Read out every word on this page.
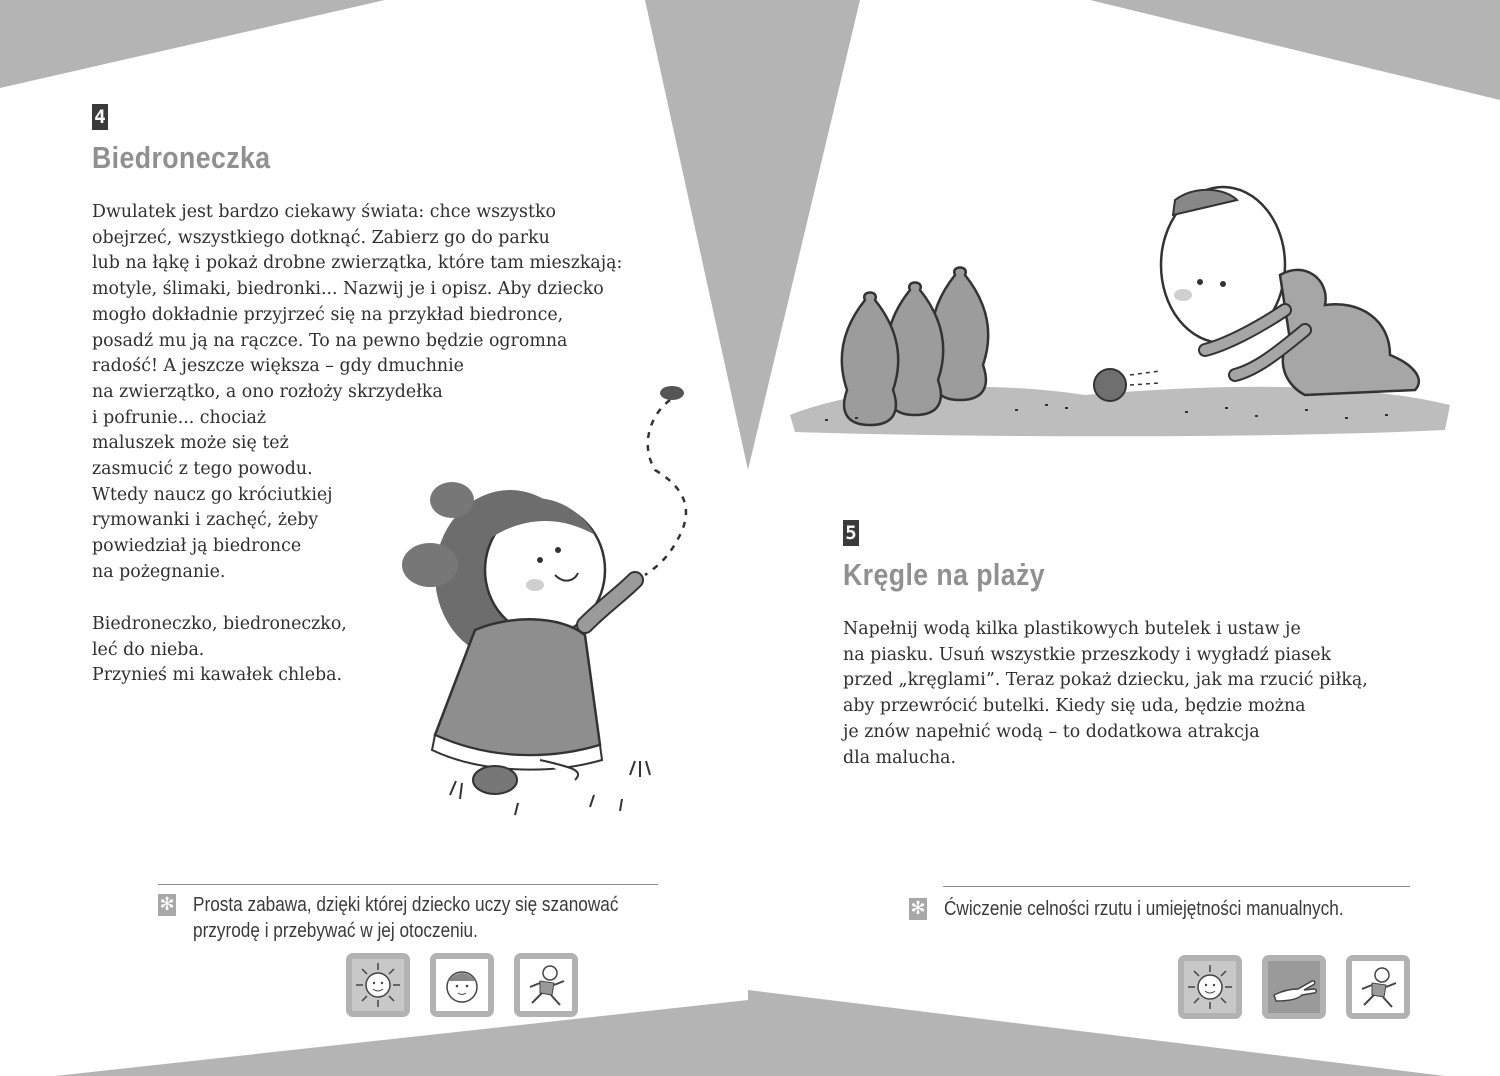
4
Biedroneczka
Dwulatek jest bardzo ciekawy świata: chce wszystko
obejrzeć, wszystkiego dotknąć. Zabierz go do parku
lub na łąkę i pokaż drobne zwierzątka, które tam mieszkają:
motyle, ślimaki, biedronki... Nazwij je i opisz. Aby dziecko
mogło dokładnie przyjrzeć się na przykład biedronce,
posadź mu ją na rączce. To na pewno będzie ogromna
radość! A jeszcze większa – gdy dmuchnie
na zwierzątko, a ono rozłoży skrzydełka
i pofrunie... chociaż
maluszek może się też
zasmucić z tego powodu.
Wtedy naucz go króciutkiej
rymowanki i zachęć, żeby
powiedział ją biedronce
na pożegnanie.
Biedroneczko, biedroneczko,
leć do nieba.
Przynieś mi kawałek chleba.
✻ Prosta zabawa, dzięki której dziecko uczy się szanować
przyrodę i przebywać w jej otoczeniu.
8
5
Kręgle na plaży
Napełnij wodą kilka plastikowych butelek i ustaw je
na piasku. Usuń wszystkie przeszkody i wygładź piasek
przed „kręglami”. Teraz pokaż dziecku, jak ma rzucić piłką,
aby przewrócić butelki. Kiedy się uda, będzie można
je znów napełnić wodą – to dodatkowa atrakcja
dla malucha.
✻ Ćwiczenie celności rzutu i umiejętności manualnych.
9
